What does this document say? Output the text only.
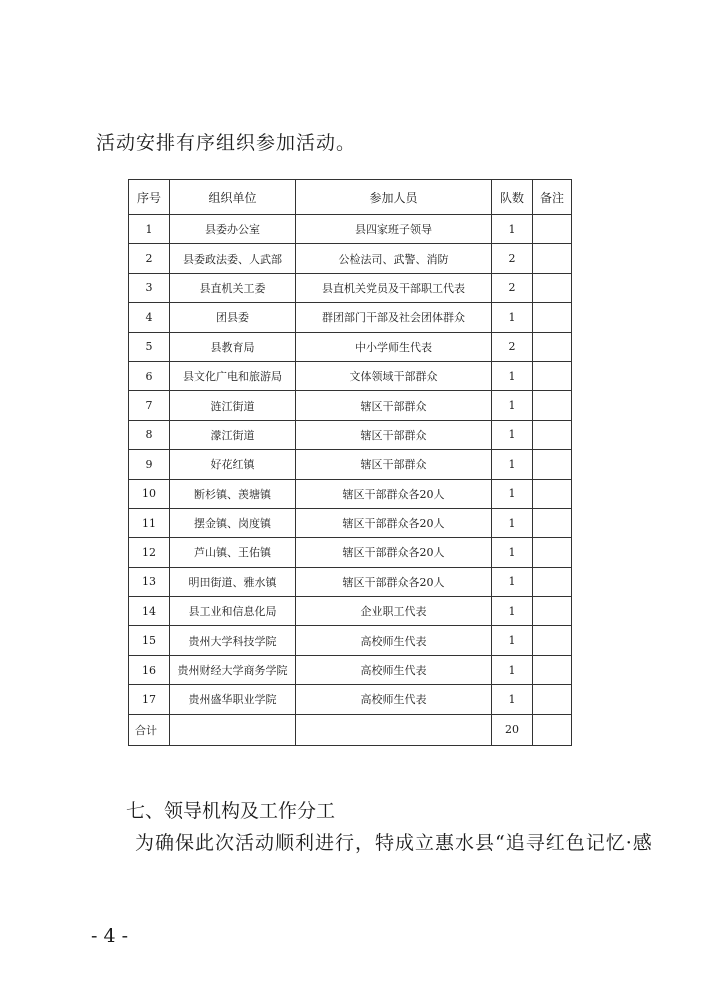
活动安排有序组织参加活动。
序号	组织单位	参加人员	队数	备注
1	县委办公室	县四家班子领导	1	
2	县委政法委、人武部	公检法司、武警、消防	2	
3	县直机关工委	县直机关党员及干部职工代表	2	
4	团县委	群团部门干部及社会团体群众	1	
5	县教育局	中小学师生代表	2	
6	县文化广电和旅游局	文体领域干部群众	1	
7	涟江街道	辖区干部群众	1	
8	濛江街道	辖区干部群众	1	
9	好花红镇	辖区干部群众	1	
10	断杉镇、羡塘镇	辖区干部群众各20人	1	
11	摆金镇、岗度镇	辖区干部群众各20人	1	
12	芦山镇、王佑镇	辖区干部群众各20人	1	
13	明田街道、雅水镇	辖区干部群众各20人	1	
14	县工业和信息化局	企业职工代表	1	
15	贵州大学科技学院	高校师生代表	1	
16	贵州财经大学商务学院	高校师生代表	1	
17	贵州盛华职业学院	高校师生代表	1	
合计			20	
七、领导机构及工作分工
为确保此次活动顺利进行，特成立惠水县“追寻红色记忆·感
- 4 -
